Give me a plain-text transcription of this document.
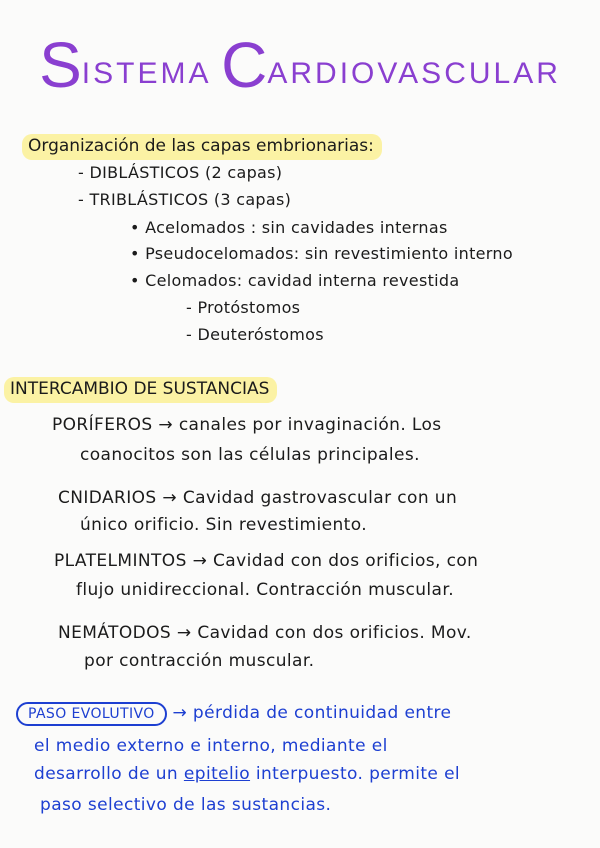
SISTEMA CARDIOVASCULAR
Organización de las capas embrionarias:
- DIBLÁSTICOS (2 capas)
- TRIBLÁSTICOS (3 capas)
• Acelomados : sin cavidades internas
• Pseudocelomados: sin revestimiento interno
• Celomados: cavidad interna revestida
- Protóstomos
- Deuteróstomos
INTERCAMBIO DE SUSTANCIAS
PORÍFEROS → canales por invaginación. Los
coanocitos son las células principales.
CNIDARIOS → Cavidad gastrovascular con un
único orificio. Sin revestimiento.
PLATELMINTOS → Cavidad con dos orificios, con
flujo unidireccional. Contracción muscular.
NEMÁTODOS → Cavidad con dos orificios. Mov.
por contracción muscular.
PASO EVOLUTIVO → pérdida de continuidad entre
el medio externo e interno, mediante el
desarrollo de un epitelio interpuesto. permite el
paso selectivo de las sustancias.
